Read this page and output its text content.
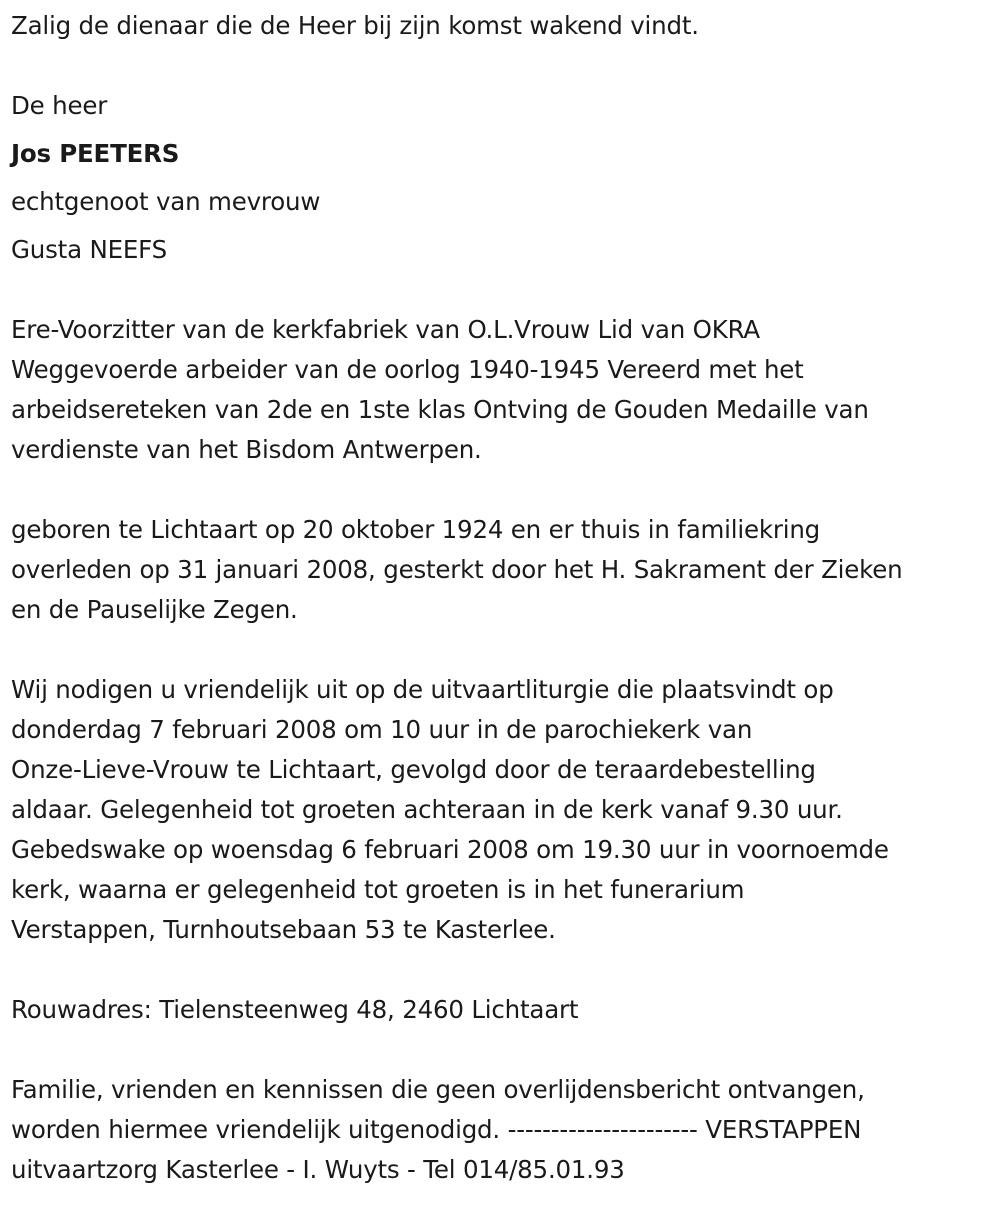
Zalig de dienaar die de Heer bij zijn komst wakend vindt.
De heer
Jos PEETERS
echtgenoot van mevrouw
Gusta NEEFS
Ere-Voorzitter van de kerkfabriek van O.L.Vrouw Lid van OKRA
Weggevoerde arbeider van de oorlog 1940-1945 Vereerd met het
arbeidsereteken van 2de en 1ste klas Ontving de Gouden Medaille van
verdienste van het Bisdom Antwerpen.
geboren te Lichtaart op 20 oktober 1924 en er thuis in familiekring
overleden op 31 januari 2008, gesterkt door het H. Sakrament der Zieken
en de Pauselijke Zegen.
Wij nodigen u vriendelijk uit op de uitvaartliturgie die plaatsvindt op
donderdag 7 februari 2008 om 10 uur in de parochiekerk van
Onze-Lieve-Vrouw te Lichtaart, gevolgd door de teraardebestelling
aldaar. Gelegenheid tot groeten achteraan in de kerk vanaf 9.30 uur.
Gebedswake op woensdag 6 februari 2008 om 19.30 uur in voornoemde
kerk, waarna er gelegenheid tot groeten is in het funerarium
Verstappen, Turnhoutsebaan 53 te Kasterlee.
Rouwadres: Tielensteenweg 48, 2460 Lichtaart
Familie, vrienden en kennissen die geen overlijdensbericht ontvangen,
worden hiermee vriendelijk uitgenodigd. ---------------------- VERSTAPPEN
uitvaartzorg Kasterlee - I. Wuyts - Tel 014/85.01.93
